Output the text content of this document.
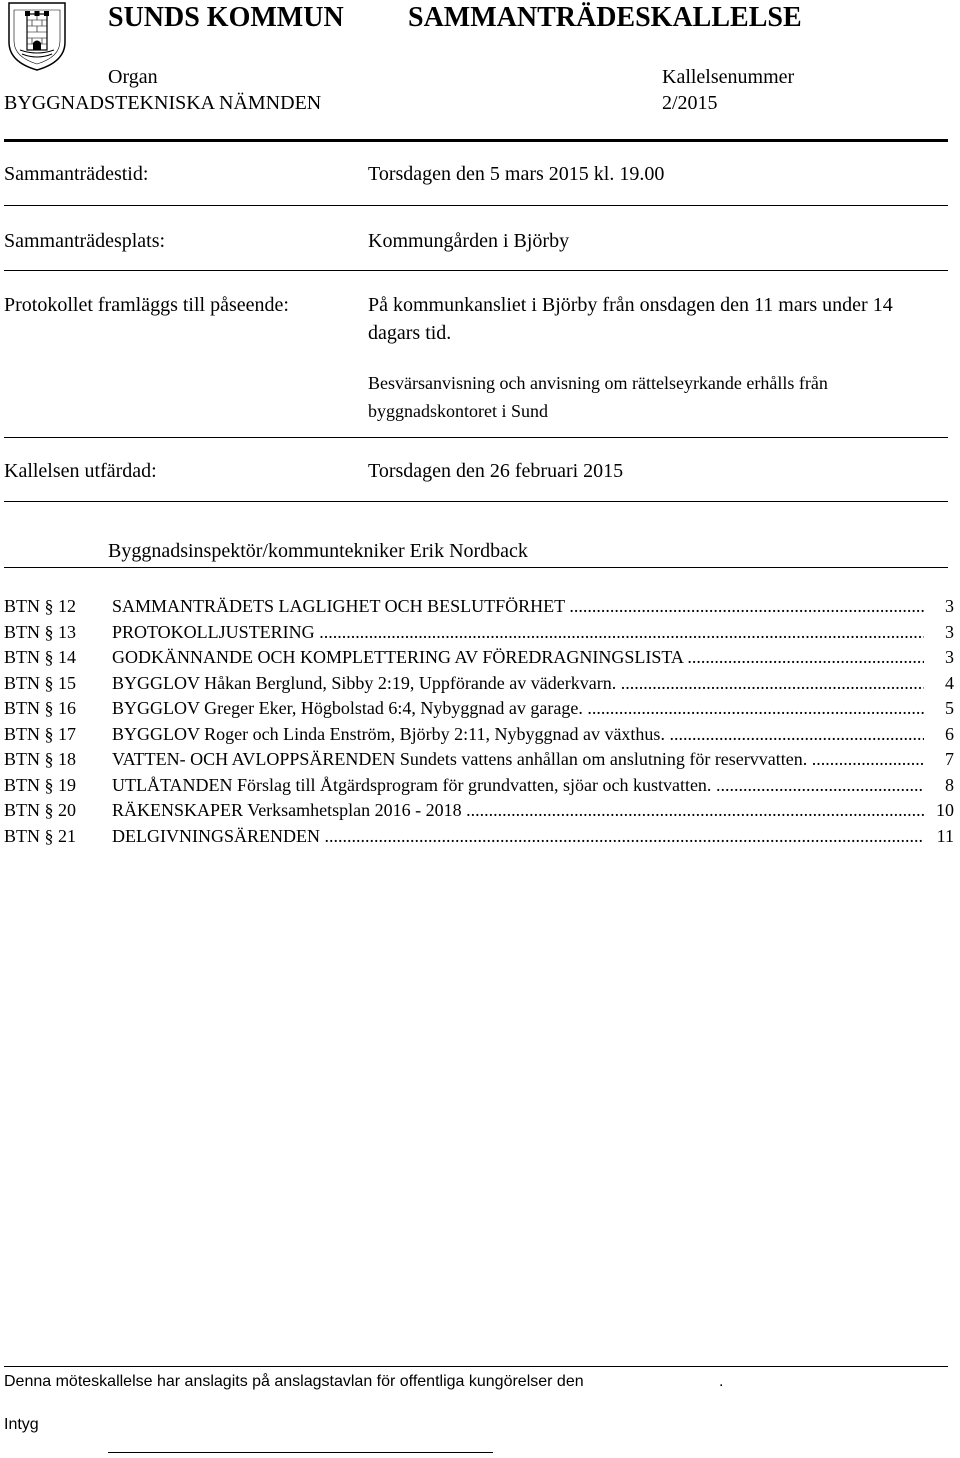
SUNDS KOMMUN SAMMANTRÄDESKALLELSE
Organ	Kallelsenummer
BYGGNADSTEKNISKA NÄMNDEN	2/2015
Sammanträdestid:	Torsdagen den 5 mars 2015 kl. 19.00
Sammanträdesplats:	Kommungården i Björby
Protokollet framläggs till påseende:	På kommunkansliet i Björby från onsdagen den 11 mars under 14 dagars tid.
Besvärsanvisning och anvisning om rättelseyrkande erhålls från byggnadskontoret i Sund
Kallelsen utfärdad:	Torsdagen den 26 februari 2015
Byggnadsinspektör/kommuntekniker Erik Nordback
BTN § 12 SAMMANTRÄDETS LAGLIGHET OCH BESLUTFÖRHET .....	3
BTN § 13 PROTOKOLLJUSTERING .....	3
BTN § 14 GODKÄNNANDE OCH KOMPLETTERING AV FÖREDRAGNINGSLISTA .....	3
BTN § 15 BYGGLOV Håkan Berglund, Sibby 2:19, Uppförande av väderkvarn. .....	4
BTN § 16 BYGGLOV Greger Eker, Högbolstad 6:4, Nybyggnad av garage. .....	5
BTN § 17 BYGGLOV Roger och Linda Enström, Björby 2:11, Nybyggnad av växthus. .....	6
BTN § 18 VATTEN- OCH AVLOPPSÄRENDEN Sundets vattens anhållan om anslutning för reservvatten. .....	7
BTN § 19 UTLÅTANDEN Förslag till Åtgärdsprogram för grundvatten, sjöar och kustvatten. .....	8
BTN § 20 RÄKENSKAPER Verksamhetsplan 2016 - 2018 .....	10
BTN § 21 DELGIVNINGSÄRENDEN .....	11
Denna möteskallelse har anslagits på anslagstavlan för offentliga kungörelser den	.
Intyg
